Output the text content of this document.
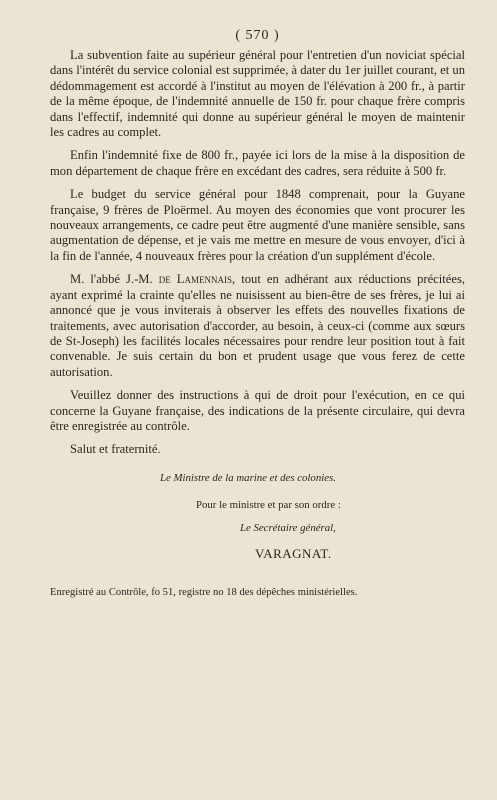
( 570 )

La subvention faite au supérieur général pour l'entretien d'un noviciat spécial dans l'intérêt du service colonial est supprimée, à dater du 1er juillet courant, et un dédommagement est accordé à l'institut au moyen de l'élévation à 200 fr., à partir de la même époque, de l'indemnité annuelle de 150 fr. pour chaque frère compris dans l'effectif, indemnité qui donne au supérieur général le moyen de maintenir les cadres au complet.

Enfin l'indemnité fixe de 800 fr., payée ici lors de la mise à la disposition de mon département de chaque frère en excédant des cadres, sera réduite à 500 fr.

Le budget du service général pour 1848 comprenait, pour la Guyane française, 9 frères de Ploërmel. Au moyen des économies que vont procurer les nouveaux arrangements, ce cadre peut être augmenté d'une manière sensible, sans augmentation de dépense, et je vais me mettre en mesure de vous envoyer, d'ici à la fin de l'année, 4 nouveaux frères pour la création d'un supplément d'école.

M. l'abbé J.-M. de Lamennais, tout en adhérant aux réductions précitées, ayant exprimé la crainte qu'elles ne nuisissent au bien-être de ses frères, je lui ai annoncé que je vous inviterais à observer les effets des nouvelles fixations de traitements, avec autorisation d'accorder, au besoin, à ceux-ci (comme aux sœurs de St-Joseph) les facilités locales nécessaires pour rendre leur position tout à fait convenable. Je suis certain du bon et prudent usage que vous ferez de cette autorisation.

Veuillez donner des instructions à qui de droit pour l'exécution, en ce qui concerne la Guyane française, des indications de la présente circulaire, qui devra être enregistrée au contrôle.

Salut et fraternité.

Le Ministre de la marine et des colonies.
Pour le ministre et par son ordre :
Le Secrétaire général,
VARAGNAT.
Enregistré au Contrôle, fo 51, registre no 18 des dépêches ministérielles.
